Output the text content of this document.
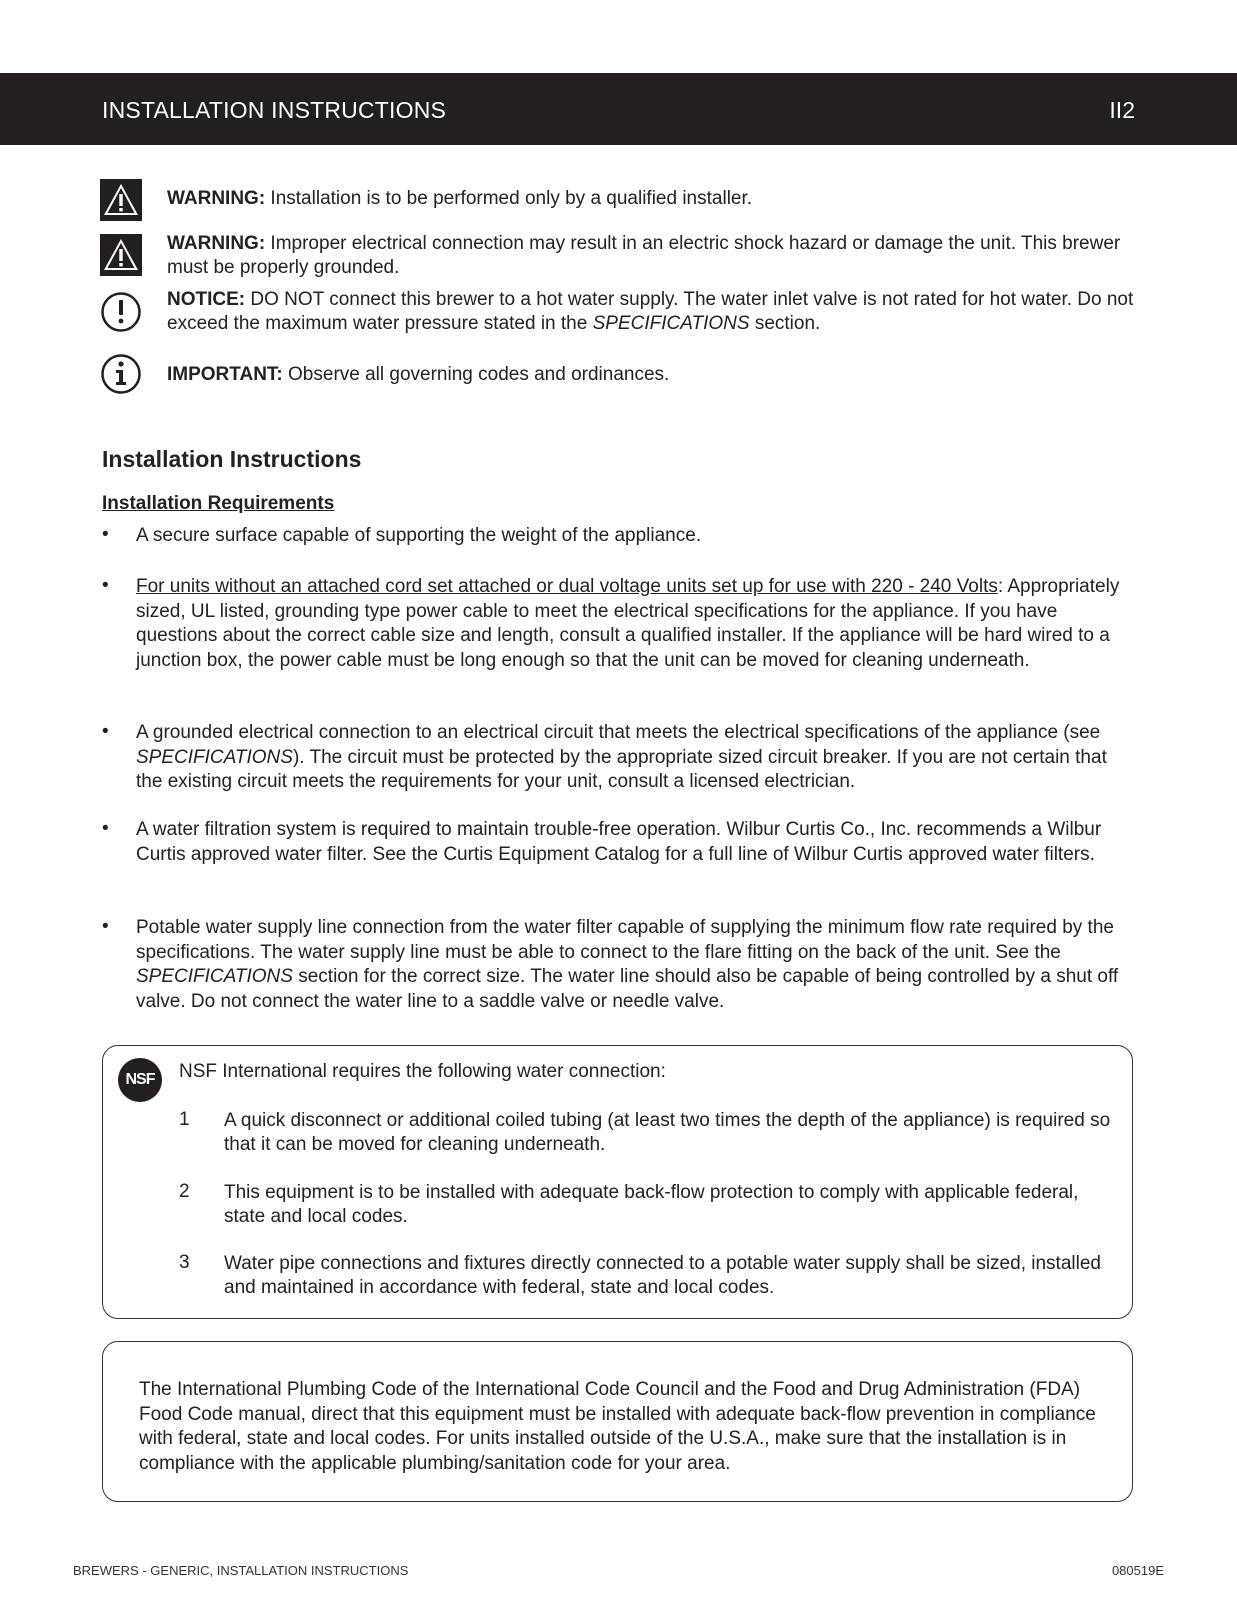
INSTALLATION INSTRUCTIONS	II2
WARNING: Installation is to be performed only by a qualified installer.
WARNING: Improper electrical connection may result in an electric shock hazard or damage the unit. This brewer must be properly grounded.
NOTICE: DO NOT connect this brewer to a hot water supply. The water inlet valve is not rated for hot water. Do not exceed the maximum water pressure stated in the SPECIFICATIONS section.
IMPORTANT: Observe all governing codes and ordinances.
Installation Instructions
Installation Requirements
• A secure surface capable of supporting the weight of the appliance.
• For units without an attached cord set attached or dual voltage units set up for use with 220 - 240 Volts: Appropriately sized, UL listed, grounding type power cable to meet the electrical specifications for the appliance. If you have questions about the correct cable size and length, consult a qualified installer. If the appliance will be hard wired to a junction box, the power cable must be long enough so that the unit can be moved for cleaning underneath.
• A grounded electrical connection to an electrical circuit that meets the electrical specifications of the appliance (see SPECIFICATIONS). The circuit must be protected by the appropriate sized circuit breaker. If you are not certain that the existing circuit meets the requirements for your unit, consult a licensed electrician.
• A water filtration system is required to maintain trouble-free operation. Wilbur Curtis Co., Inc. recommends a Wilbur Curtis approved water filter. See the Curtis Equipment Catalog for a full line of Wilbur Curtis approved water filters.
• Potable water supply line connection from the water filter capable of supplying the minimum flow rate required by the specifications. The water supply line must be able to connect to the flare fitting on the back of the unit. See the SPECIFICATIONS section for the correct size. The water line should also be capable of being controlled by a shut off valve. Do not connect the water line to a saddle valve or needle valve.
NSF	NSF International requires the following water connection:
1 A quick disconnect or additional coiled tubing (at least two times the depth of the appliance) is required so that it can be moved for cleaning underneath.
2 This equipment is to be installed with adequate back-flow protection to comply with applicable federal, state and local codes.
3 Water pipe connections and fixtures directly connected to a potable water supply shall be sized, installed and maintained in accordance with federal, state and local codes.
The International Plumbing Code of the International Code Council and the Food and Drug Administration (FDA) Food Code manual, direct that this equipment must be installed with adequate back-flow prevention in compliance with federal, state and local codes. For units installed outside of the U.S.A., make sure that the installation is in compliance with the applicable plumbing/sanitation code for your area.
BREWERS - GENERIC, INSTALLATION INSTRUCTIONS	080519E
